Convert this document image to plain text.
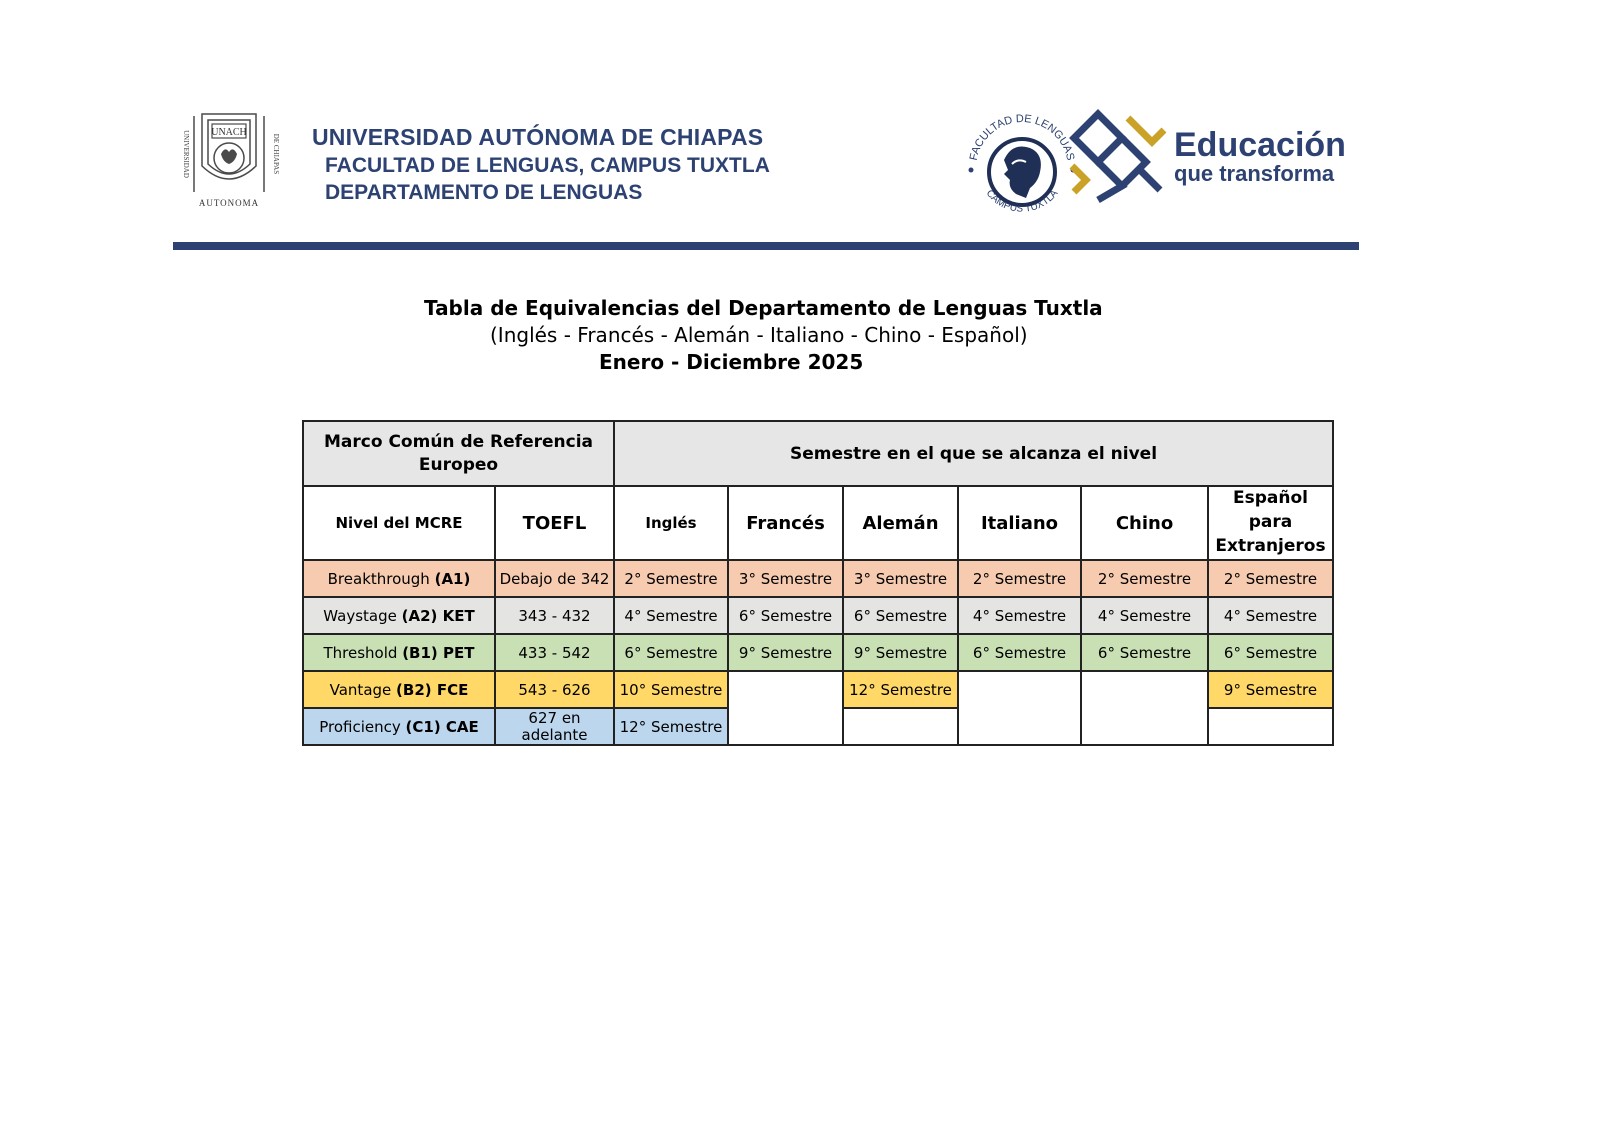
UNACH
UNIVERSIDAD	DE CHIAPAS
AUTONOMA
UNIVERSIDAD AUTÓNOMA DE CHIAPAS
FACULTAD DE LENGUAS, CAMPUS TUXTLA
DEPARTAMENTO DE LENGUAS
FACULTAD DE LENGUAS
CAMPUS TUXTLA
Educación
que transforma
Tabla de Equivalencias del Departamento de Lenguas Tuxtla
(Inglés - Francés - Alemán - Italiano - Chino - Español)
Enero - Diciembre 2025
Marco Común de Referencia Europeo		Semestre en el que se alcanza el nivel					
Nivel del MCRE	TOEFL	Inglés	Francés	Alemán	Italiano	Chino	Español para
Extranjeros
Breakthrough (A1)	Debajo de 342	2° Semestre	3° Semestre	3° Semestre	2° Semestre	2° Semestre	2° Semestre
Waystage (A2) KET	343 - 432	4° Semestre	6° Semestre	6° Semestre	4° Semestre	4° Semestre	4° Semestre
Threshold (B1) PET	433 - 542	6° Semestre	9° Semestre	9° Semestre	6° Semestre	6° Semestre	6° Semestre
Vantage (B2) FCE	543 - 626	10° Semestre		12° Semestre			9° Semestre
Proficiency (C1) CAE	627 en adelante	12° Semestre					
